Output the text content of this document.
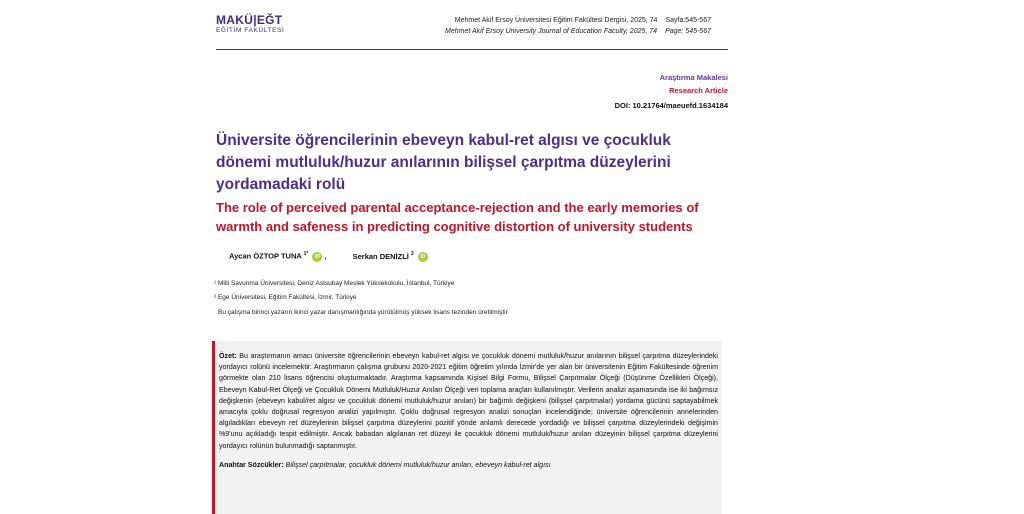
MAKÜ|EĞT
EĞİTİM FAKÜLTESİ
Mehmet Akif Ersoy Üniversitesi Eğitim Fakültesi Dergisi, 2025, 74 Sayfa:545-567
Mehmet Akif Ersoy University Journal of Education Faculty, 2025, 74 Page: 545-567
Araştırma Makalesi
Research Article
DOI: 10.21764/maeuefd.1634184
Üniversite öğrencilerinin ebeveyn kabul-ret algısı ve çocukluk dönemi mutluluk/huzur anılarının bilişsel çarpıtma düzeylerini yordamadaki rolü
The role of perceived parental acceptance-rejection and the early memories of warmth and safeness in predicting cognitive distortion of university students
Aycan ÖZTOP TUNA $^{1*}$ iD ,	Serkan DENİZLİ $^2$ iD
¹ Milli Savunma Üniversitesi, Deniz Astsubay Meslek Yüksekokulu, İstanbul, Türkiye
² Ege Üniversitesi, Eğitim Fakültesi, İzmir, Türkiye
Bu çalışma birinci yazarın ikinci yazar danışmanlığında yürütülmüş yüksek lisans tezinden üretilmiştir
Özet: Bu araştırmanın amacı üniversite öğrencilerinin ebeveyn kabul-ret algısı ve çocukluk dönemi mutluluk/huzur anılarının bilişsel çarpıtma düzeylerindeki yordayıcı rolünü incelemektir. Araştırmanın çalışma grubunu 2020-2021 eğitim öğretim yılında İzmir'de yer alan bir üniversitenin Eğitim Fakültesinde öğrenim görmekte olan 210 lisans öğrencisi oluşturmaktadır. Araştırma kapsamında Kişisel Bilgi Formu, Bilişsel Çarpıtmalar Ölçeği (Düşünme Özellikleri Ölçeği), Ebeveyn Kabul-Ret Ölçeği ve Çocukluk Dönemi Mutluluk/Huzur Anıları Ölçeği veri toplama araçları kullanılmıştır. Verilerin analizi aşamasında ise iki bağımsız değişkenin (ebeveyn kabul/ret algısı ve çocukluk dönemi mutluluk/huzur anıları) bir bağımlı değişkeni (bilişsel çarpıtmalar) yordama gücünü saptayabilmek amacıyla çoklu doğrusal regresyon analizi yapılmıştır. Çoklu doğrusal regresyon analizi sonuçları incelendiğinde; üniversite öğrencilerinin annelerinden algıladıkları ebeveyn ret düzeylerinin bilişsel çarpıtma düzeylerini pozitif yönde anlamlı derecede yordadığı ve bilişsel çarpıtma düzeylerindeki değişimin %9'unu açıkladığı tespit edilmiştir. Ancak babadan algılanan ret düzeyi ile çocukluk dönemi mutluluk/huzur anıları düzeyinin bilişsel çarpıtma düzeylerini yordayıcı rolünün bulunmadığı saptanmıştır.
Anahtar Sözcükler: Bilişsel çarpıtmalar, çocukluk dönemi mutluluk/huzur anıları, ebeveyn kabul-ret algısı
